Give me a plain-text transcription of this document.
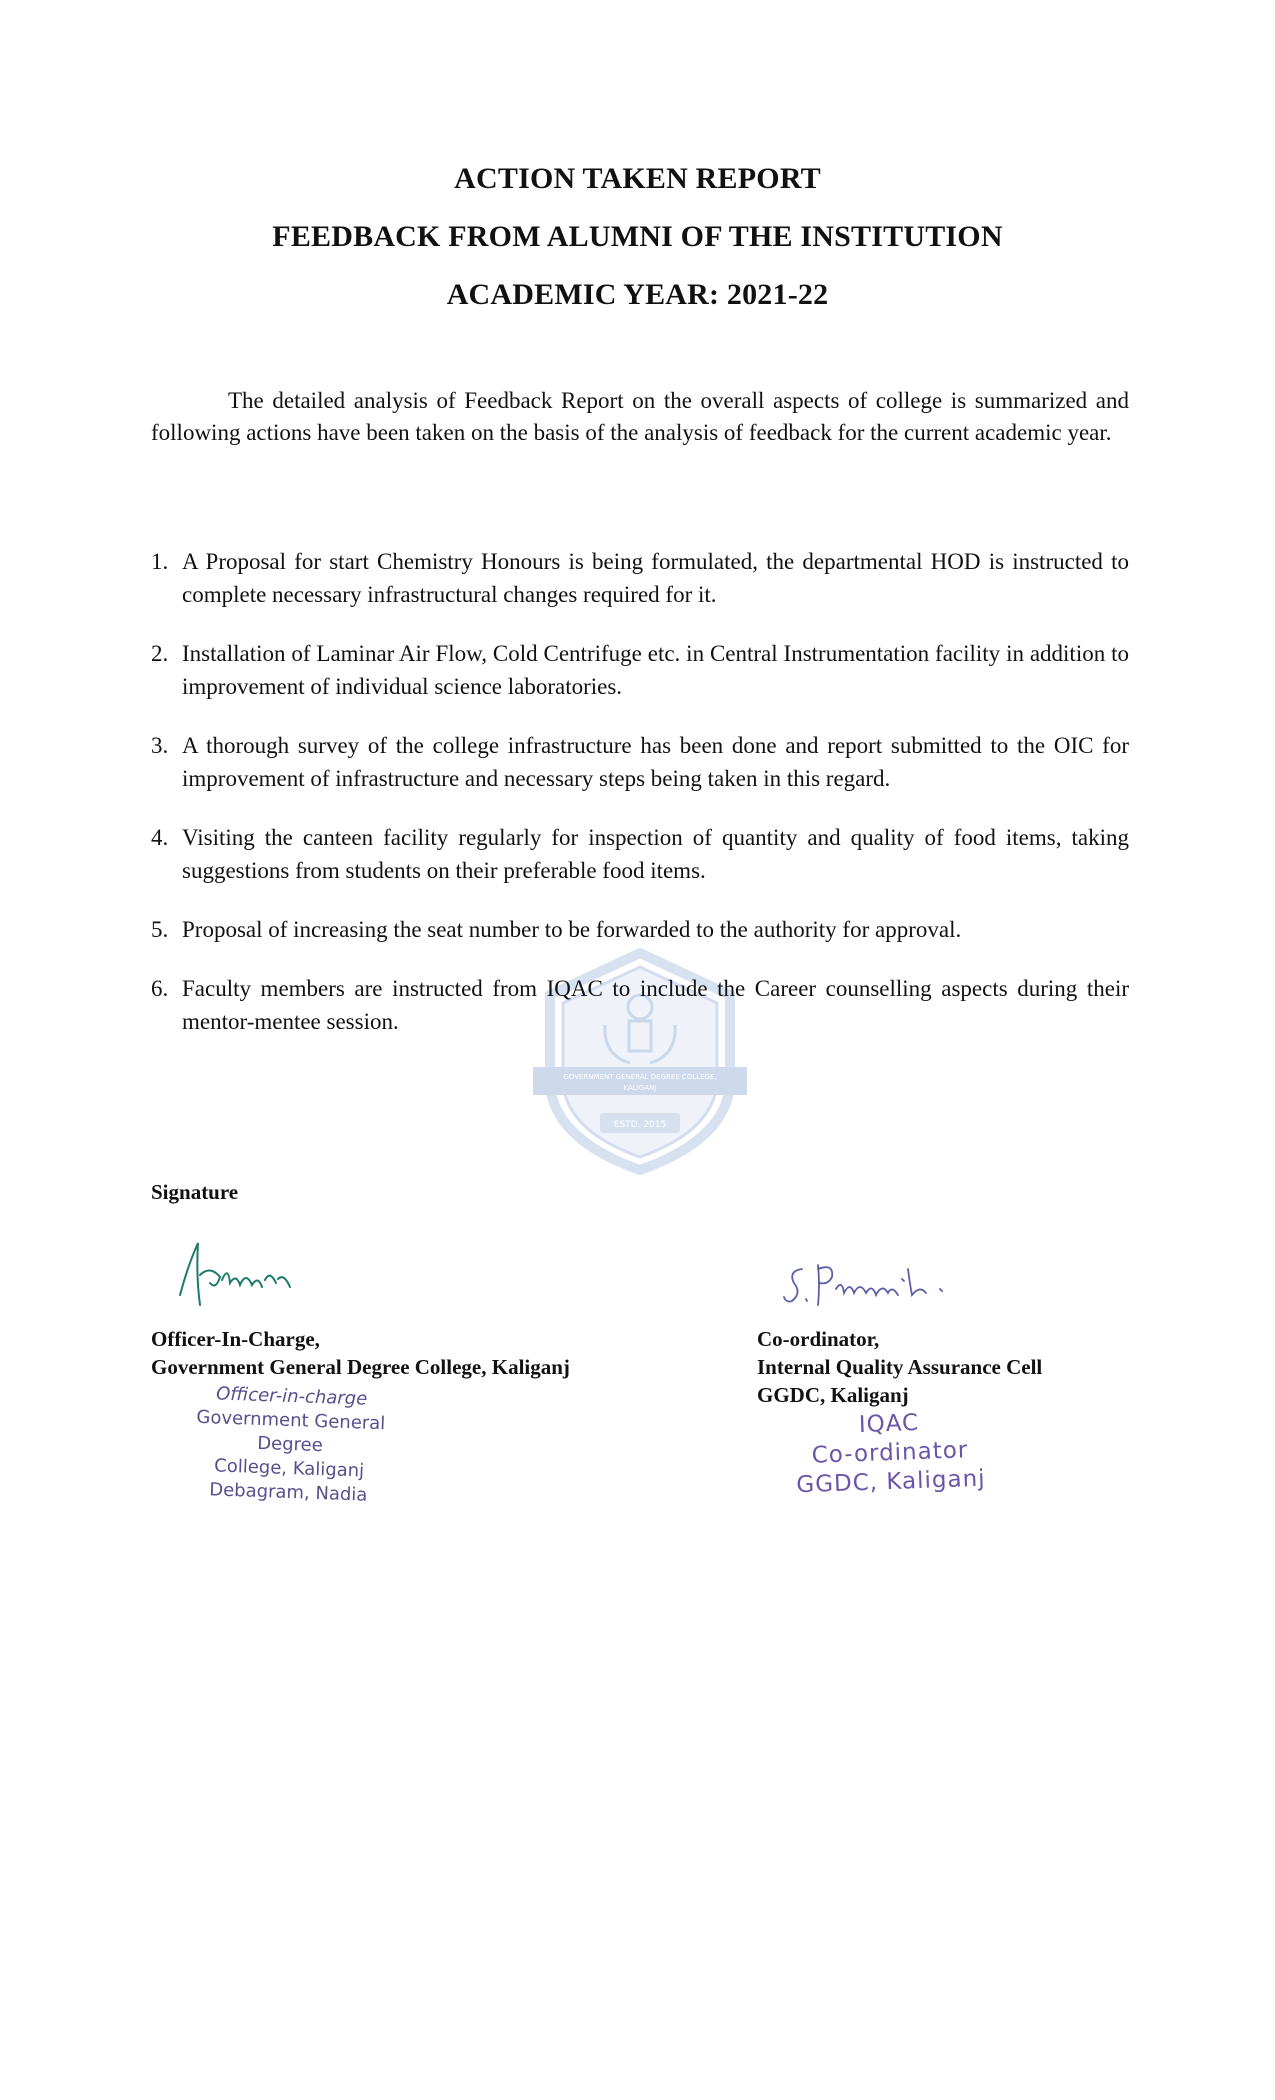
ACTION TAKEN REPORT
FEEDBACK FROM ALUMNI OF THE INSTITUTION
ACADEMIC YEAR: 2021-22
GOVERNMENT GENERAL DEGREE COLLEGE,
KALIGANJ
ESTD. 2015

The detailed analysis of Feedback Report on the overall aspects of college is summarized and following actions have been taken on the basis of the analysis of feedback for the current academic year.

1. A Proposal for start Chemistry Honours is being formulated, the departmental HOD is instructed to complete necessary infrastructural changes required for it.
2. Installation of Laminar Air Flow, Cold Centrifuge etc. in Central Instrumentation facility in addition to improvement of individual science laboratories.
3. A thorough survey of the college infrastructure has been done and report submitted to the OIC for improvement of infrastructure and necessary steps being taken in this regard.
4. Visiting the canteen facility regularly for inspection of quantity and quality of food items, taking suggestions from students on their preferable food items.
5. Proposal of increasing the seat number to be forwarded to the authority for approval.
6. Faculty members are instructed from IQAC to include the Career counselling aspects during their mentor-mentee session.
Signature
Officer-In-Charge,
Government General Degree College, Kaliganj
Co-ordinator,
Internal Quality Assurance Cell
GGDC, Kaliganj
Officer-in-charge
Government General Degree
College, Kaliganj
Debagram, Nadia
IQAC
Co-ordinator
GGDC, Kaliganj
